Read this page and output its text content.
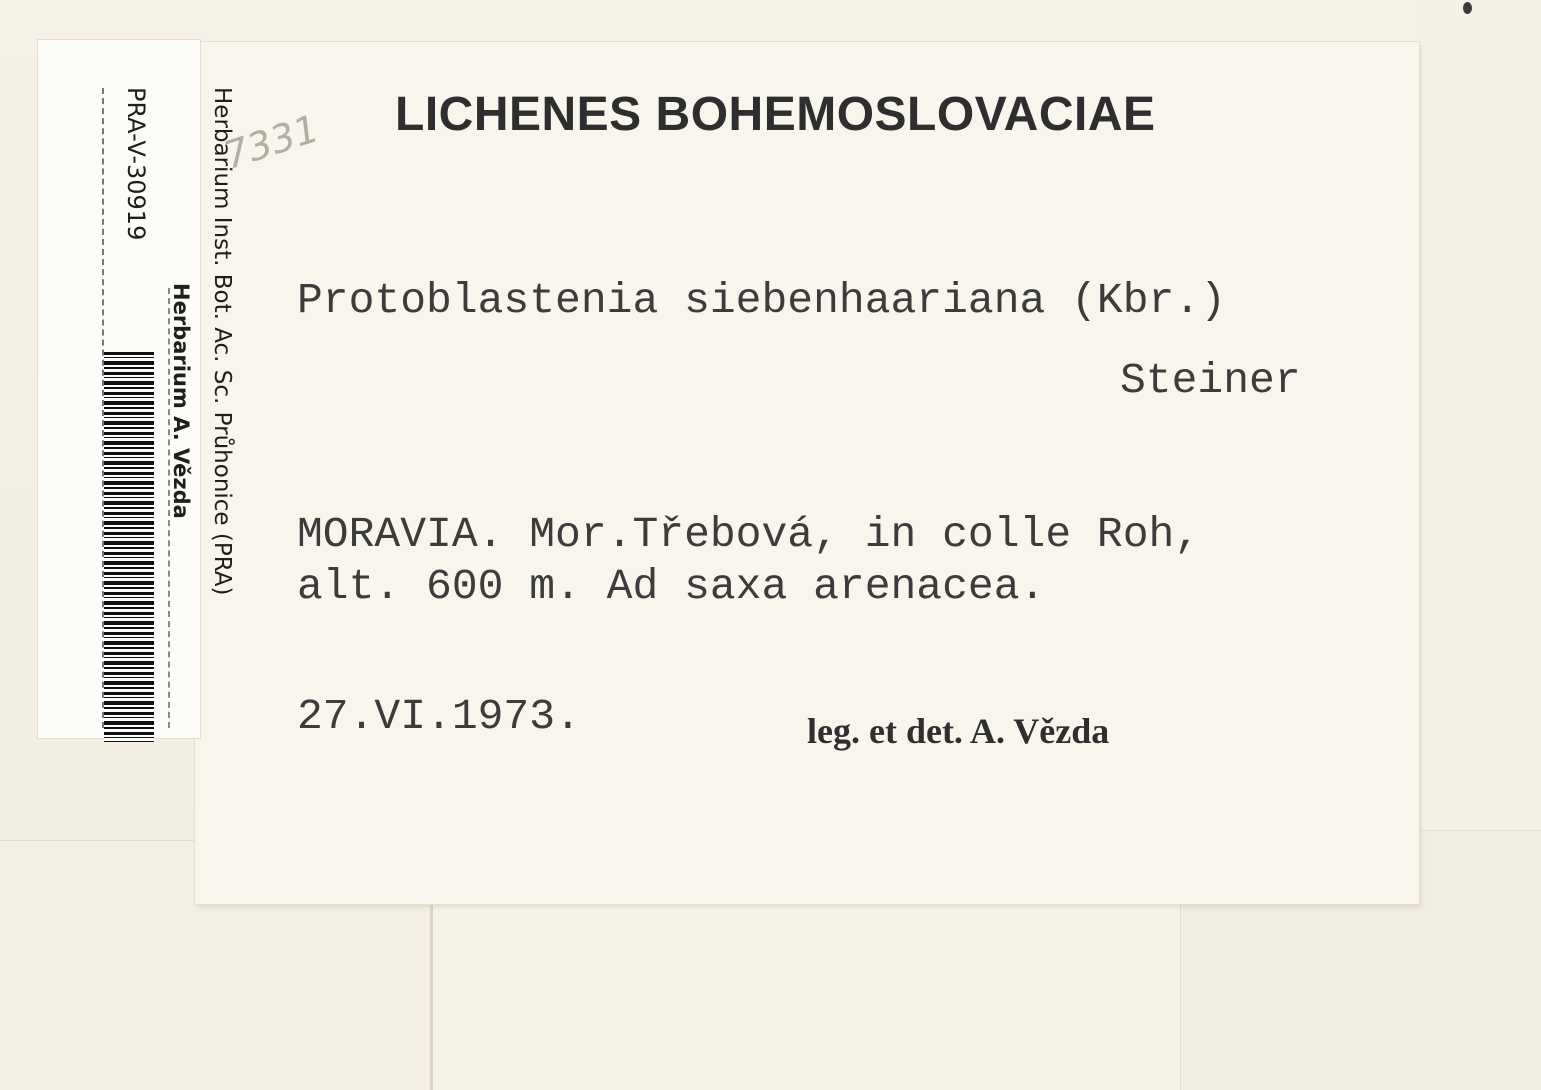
7331 LICHENES BOHEMOSLOVACIAE
Protoblastenia siebenhaariana (Kbr.)
Steiner
MORAVIA. Mor.Třebová, in colle Roh,
alt. 600 m. Ad saxa arenacea.
27.VI.1973.	leg. et det. A. Vězda
Herbarium Inst. Bot. Ac. Sc. Průhonice (PRA)
Herbarium A. Vězda
PRA-V-30919
